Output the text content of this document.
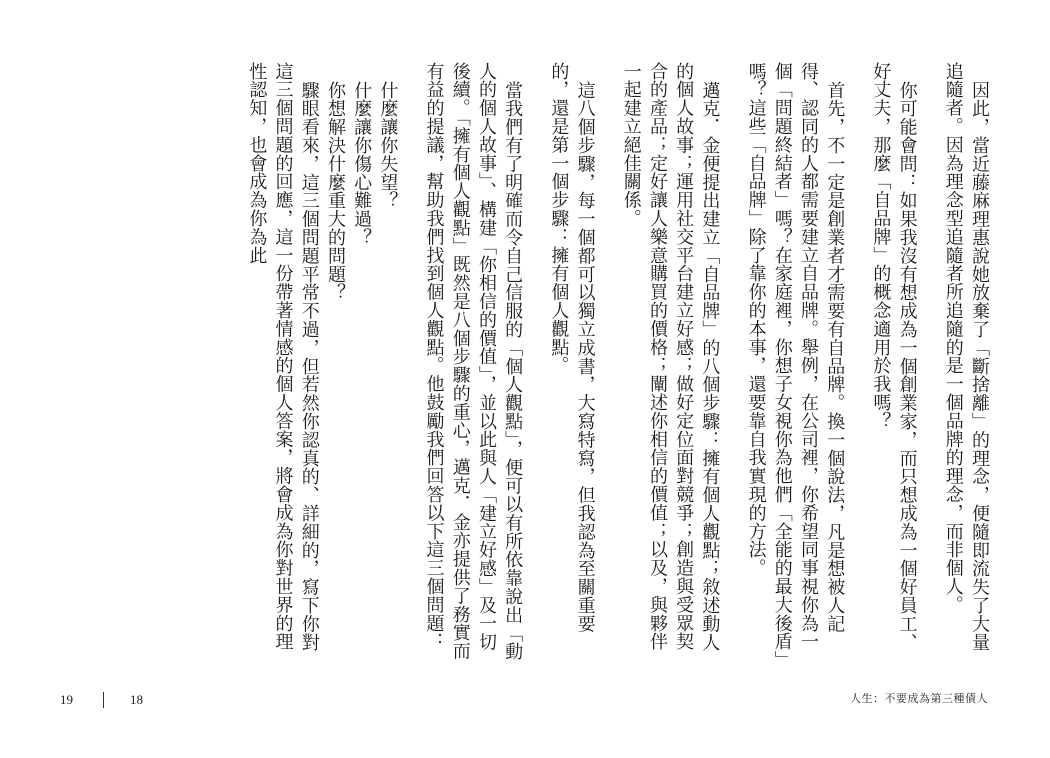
因此，當近藤麻理惠說她放棄了「斷捨離」的理念，便隨即流失了大量追隨者。因為理念型追隨者所追隨的是一個品牌的理念，而非個人。

你可能會問：如果我沒有想成為一個創業家，而只想成為一個好員工、好丈夫，那麼「自品牌」的概念適用於我嗎？

首先，不一定是創業者才需要有自品牌。換一個說法，凡是想被人記得、認同的人都需要建立自品牌。舉例，在公司裡，你希望同事視你為一個「問題終結者」嗎？在家庭裡，你想子女視你為他們「全能的最大後盾」嗎？這些「自品牌」除了靠你的本事，還要靠自我實現的方法。

邁克．金便提出建立「自品牌」的八個步驟：擁有個人觀點；敘述動人的個人故事；運用社交平台建立好感；做好定位面對競爭；創造與受眾契合的產品；定好讓人樂意購買的價格；闡述你相信的價值；以及，與夥伴一起建立絕佳關係。

這八個步驟，每一個都可以獨立成書，大寫特寫，但我認為至關重要的，還是第一個步驟：擁有個人觀點。

當我們有了明確而令自己信服的「個人觀點」，便可以有所依靠說出「動人的個人故事」、構建「你相信的價值」，並以此與人「建立好感」及一切後續。「擁有個人觀點」既然是八個步驟的重心，邁克．金亦提供了務實而有益的提議，幫助我們找到個人觀點。他鼓勵我們回答以下這三個問題：

什麼讓你失望？

什麼讓你傷心難過？

你想解決什麼重大的問題？

驟眼看來，這三個問題平常不過，但若然你認真的、詳細的，寫下你對這三個問題的回應，這一份帶著情感的個人答案，將會成為你對世界的理性認知，也會成為你為此

19	18	人生：不要成為第三種債人
